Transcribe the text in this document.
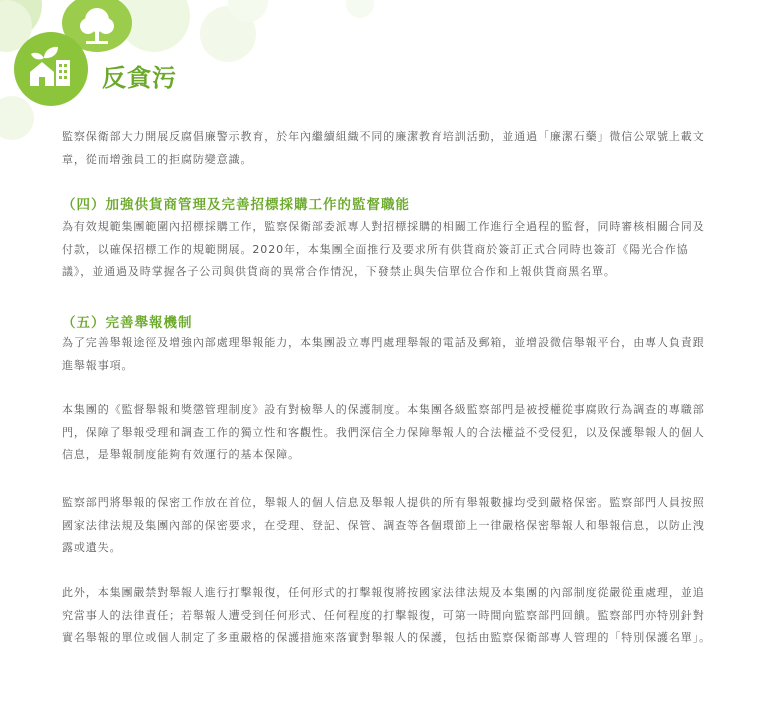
反貪污

監察保衛部大力開展反腐倡廉警示教育，於年內繼續組織不同的廉潔教育培訓活動，並通過「廉潔石藥」微信公眾號上載文章，從而增強員工的拒腐防變意識。

（四）加強供貨商管理及完善招標採購工作的監督職能

為有效規範集團範圍內招標採購工作，監察保衛部委派專人對招標採購的相關工作進行全過程的監督，同時審核相關合同及付款，以確保招標工作的規範開展。2020年，本集團全面推行及要求所有供貨商於簽訂正式合同時也簽訂《陽光合作協議》，並通過及時掌握各子公司與供貨商的異常合作情況，下發禁止與失信單位合作和上報供貨商黑名單。

（五）完善舉報機制

為了完善舉報途徑及增強內部處理舉報能力，本集團設立專門處理舉報的電話及郵箱，並增設微信舉報平台，由專人負責跟進舉報事項。

本集團的《監督舉報和獎懲管理制度》設有對檢舉人的保護制度。本集團各級監察部門是被授權從事腐敗行為調查的專職部門，保障了舉報受理和調查工作的獨立性和客觀性。我們深信全力保障舉報人的合法權益不受侵犯，以及保護舉報人的個人信息，是舉報制度能夠有效運行的基本保障。

監察部門將舉報的保密工作放在首位，舉報人的個人信息及舉報人提供的所有舉報數據均受到嚴格保密。監察部門人員按照國家法律法規及集團內部的保密要求，在受理、登記、保管、調查等各個環節上一律嚴格保密舉報人和舉報信息，以防止洩露或遺失。

此外，本集團嚴禁對舉報人進行打擊報復，任何形式的打擊報復將按國家法律法規及本集團的內部制度從嚴從重處理，並追究當事人的法律責任；若舉報人遭受到任何形式、任何程度的打擊報復，可第一時間向監察部門回饋。監察部門亦特別針對實名舉報的單位或個人制定了多重嚴格的保護措施來落實對舉報人的保護，包括由監察保衛部專人管理的「特別保護名單」。
